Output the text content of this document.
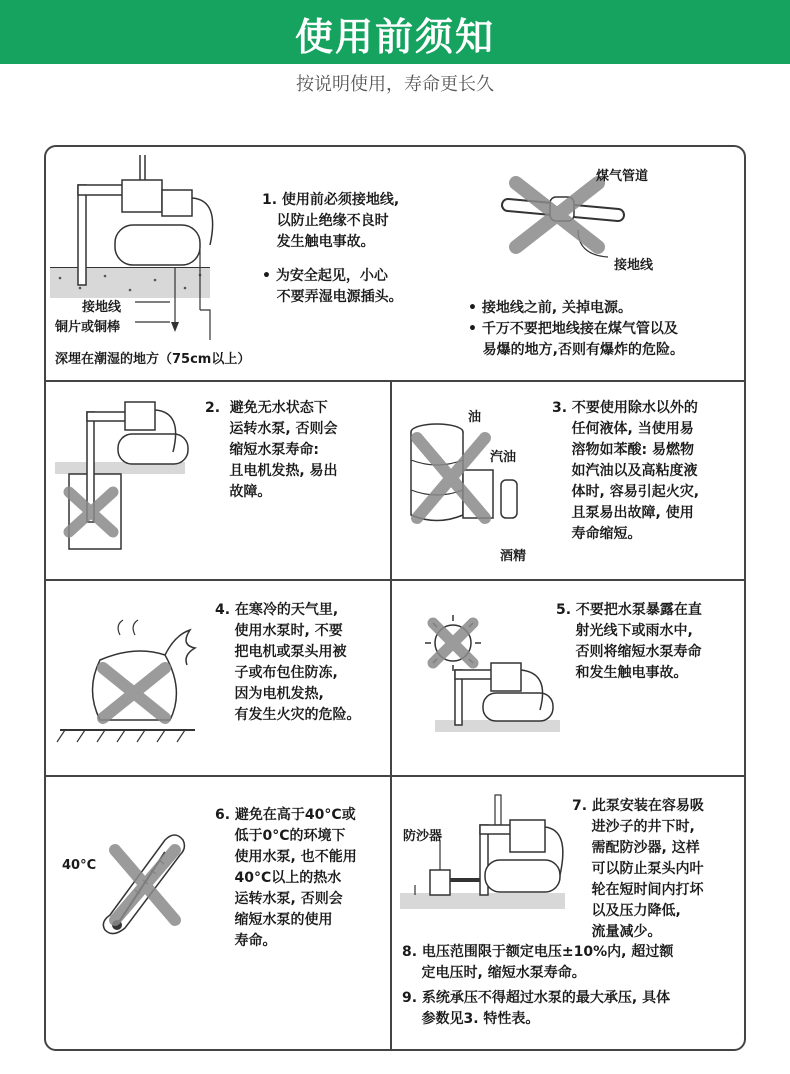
使用前须知
按说明使用，寿命更长久
接地线
铜片或铜棒
深埋在潮湿的地方（75cm以上）
1. 使用前必须接地线,
以防止绝缘不良时
发生触电事故。
• 为安全起见，小心
不要弄湿电源插头。
煤气管道
接地线
• 接地线之前, 关掉电源。
• 千万不要把地线接在煤气管以及
易爆的地方,否则有爆炸的危险。
2.  避免无水状态下
运转水泵, 否则会
缩短水泵寿命:
且电机发热, 易出
故障。
油
汽油
酒精
3. 不要使用除水以外的
任何液体, 当使用易
溶物如苯酸: 易燃物
如汽油以及高粘度液
体时, 容易引起火灾,
且泵易出故障, 使用
寿命缩短。
4. 在寒冷的天气里,
使用水泵时, 不要
把电机或泵头用被
子或布包住防冻,
因为电机发热,
有发生火灾的危险。
5. 不要把水泵暴露在直
射光线下或雨水中,
否则将缩短水泵寿命
和发生触电事故。
40°C
6. 避免在高于40°C或
低于0°C的环境下
使用水泵, 也不能用
40°C以上的热水
运转水泵, 否则会
缩短水泵的使用
寿命。
防沙器
7. 此泵安装在容易吸
进沙子的井下时,
需配防沙器, 这样
可以防止泵头内叶
轮在短时间内打坏
以及压力降低,
流量减少。
8. 电压范围限于额定电压±10%内, 超过额
定电压时, 缩短水泵寿命。
9. 系统承压不得超过水泵的最大承压, 具体
参数见3. 特性表。
